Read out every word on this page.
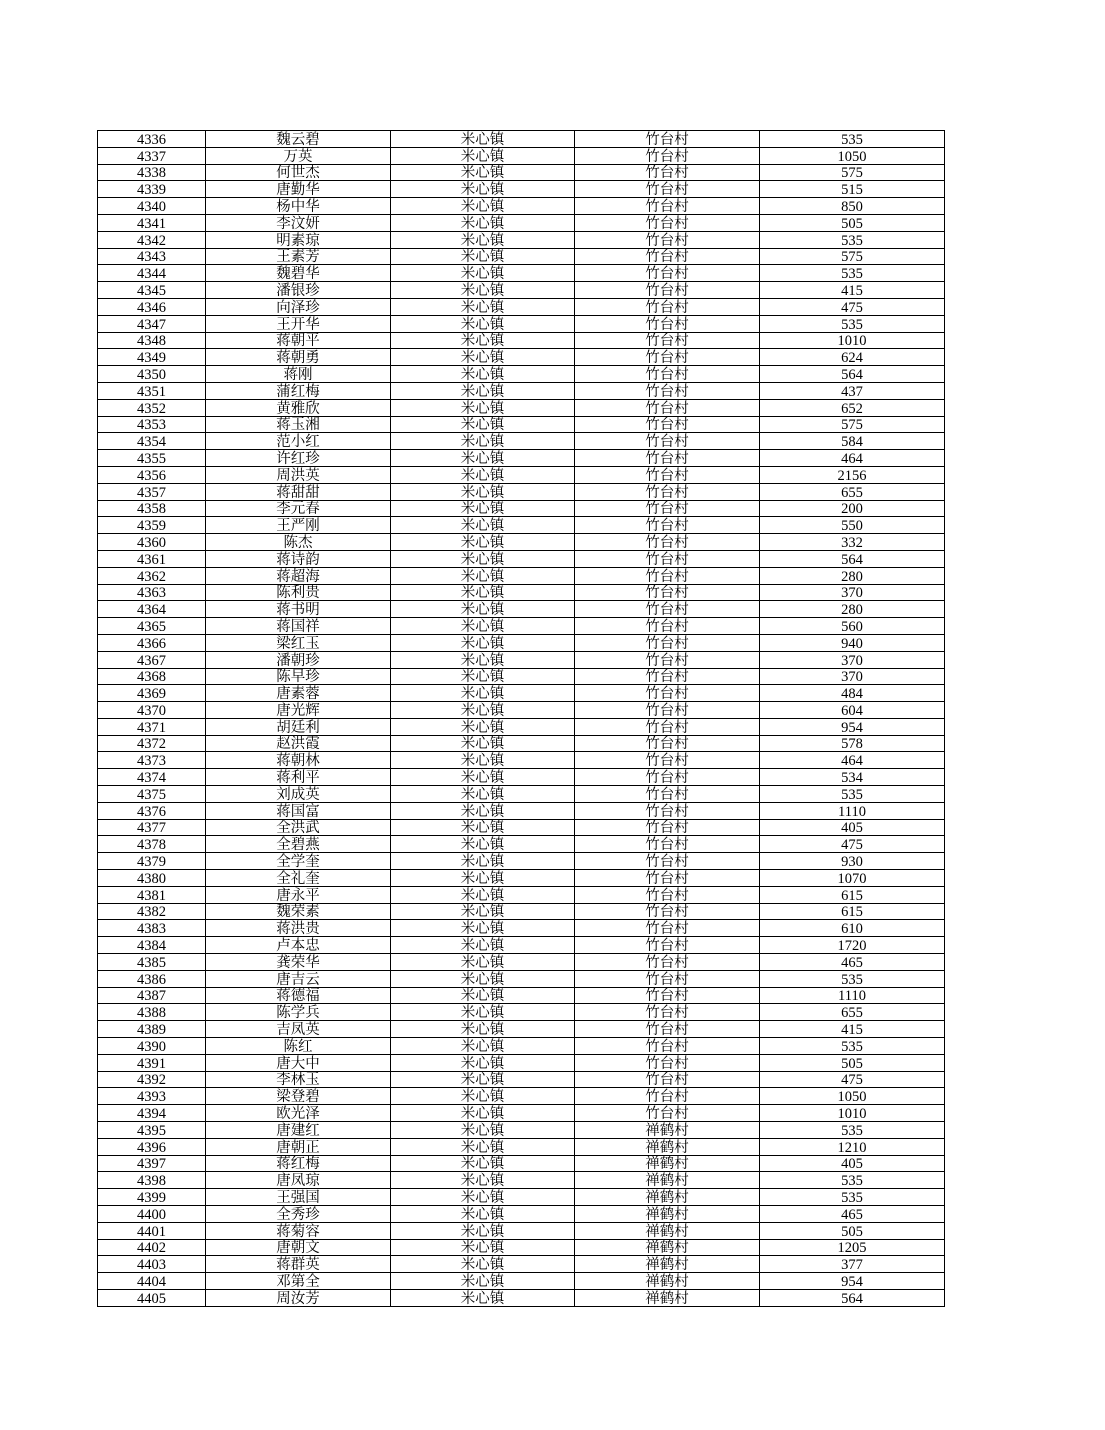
4336	魏云碧	米心镇	竹台村	535
4337	万英	米心镇	竹台村	1050
4338	何世杰	米心镇	竹台村	575
4339	唐勤华	米心镇	竹台村	515
4340	杨中华	米心镇	竹台村	850
4341	李汶妍	米心镇	竹台村	505
4342	明素琼	米心镇	竹台村	535
4343	王素芳	米心镇	竹台村	575
4344	魏碧华	米心镇	竹台村	535
4345	潘银珍	米心镇	竹台村	415
4346	向泽珍	米心镇	竹台村	475
4347	王开华	米心镇	竹台村	535
4348	蒋朝平	米心镇	竹台村	1010
4349	蒋朝勇	米心镇	竹台村	624
4350	蒋刚	米心镇	竹台村	564
4351	蒲红梅	米心镇	竹台村	437
4352	黄雅欣	米心镇	竹台村	652
4353	蒋玉湘	米心镇	竹台村	575
4354	范小红	米心镇	竹台村	584
4355	许红珍	米心镇	竹台村	464
4356	周洪英	米心镇	竹台村	2156
4357	蒋甜甜	米心镇	竹台村	655
4358	李元春	米心镇	竹台村	200
4359	王严刚	米心镇	竹台村	550
4360	陈杰	米心镇	竹台村	332
4361	蒋诗韵	米心镇	竹台村	564
4362	蒋超海	米心镇	竹台村	280
4363	陈利贵	米心镇	竹台村	370
4364	蒋书明	米心镇	竹台村	280
4365	蒋国祥	米心镇	竹台村	560
4366	梁红玉	米心镇	竹台村	940
4367	潘朝珍	米心镇	竹台村	370
4368	陈早珍	米心镇	竹台村	370
4369	唐素蓉	米心镇	竹台村	484
4370	唐光辉	米心镇	竹台村	604
4371	胡廷利	米心镇	竹台村	954
4372	赵洪霞	米心镇	竹台村	578
4373	蒋朝林	米心镇	竹台村	464
4374	蒋利平	米心镇	竹台村	534
4375	刘成英	米心镇	竹台村	535
4376	蒋国富	米心镇	竹台村	1110
4377	全洪武	米心镇	竹台村	405
4378	全碧燕	米心镇	竹台村	475
4379	全学奎	米心镇	竹台村	930
4380	全礼奎	米心镇	竹台村	1070
4381	唐永平	米心镇	竹台村	615
4382	魏荣素	米心镇	竹台村	615
4383	蒋洪贵	米心镇	竹台村	610
4384	卢本忠	米心镇	竹台村	1720
4385	龚荣华	米心镇	竹台村	465
4386	唐吉云	米心镇	竹台村	535
4387	蒋德福	米心镇	竹台村	1110
4388	陈学兵	米心镇	竹台村	655
4389	吉凤英	米心镇	竹台村	415
4390	陈红	米心镇	竹台村	535
4391	唐大中	米心镇	竹台村	505
4392	李林玉	米心镇	竹台村	475
4393	梁登碧	米心镇	竹台村	1050
4394	欧光泽	米心镇	竹台村	1010
4395	唐建红	米心镇	禅鹤村	535
4396	唐朝正	米心镇	禅鹤村	1210
4397	蒋红梅	米心镇	禅鹤村	405
4398	唐凤琼	米心镇	禅鹤村	535
4399	王强国	米心镇	禅鹤村	535
4400	全秀珍	米心镇	禅鹤村	465
4401	蒋菊容	米心镇	禅鹤村	505
4402	唐朝文	米心镇	禅鹤村	1205
4403	蒋群英	米心镇	禅鹤村	377
4404	邓第全	米心镇	禅鹤村	954
4405	周汝芳	米心镇	禅鹤村	564
